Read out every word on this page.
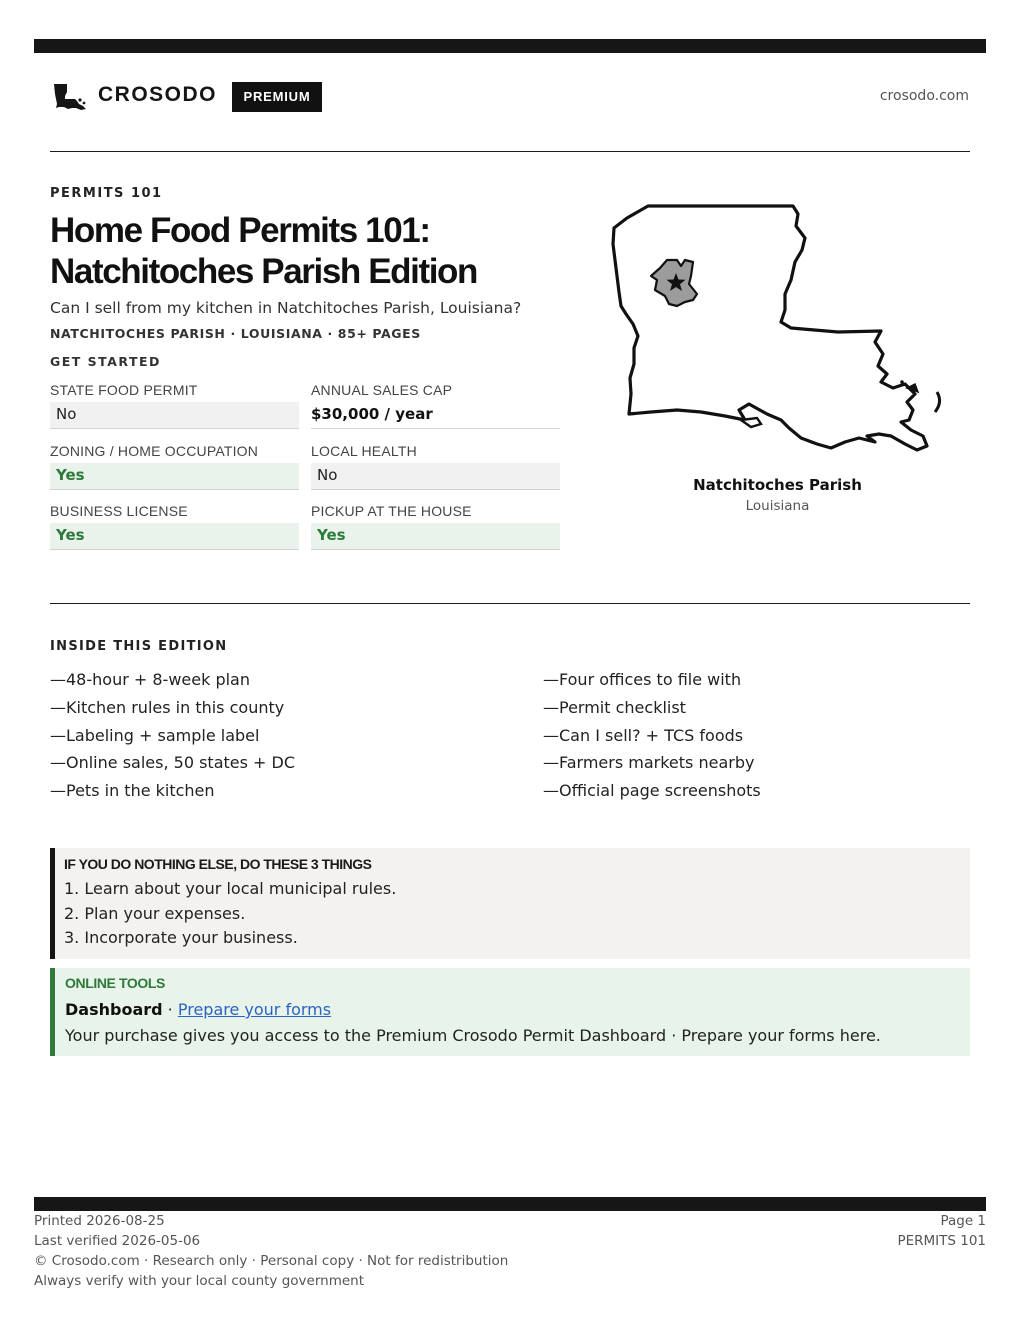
CROSODO	PREMIUM	crosodo.com
PERMITS 101
Home Food Permits 101:
Natchitoches Parish Edition
Can I sell from my kitchen in Natchitoches Parish, Louisiana?
NATCHITOCHES PARISH · LOUISIANA · 85+ PAGES
GET STARTED
STATE FOOD PERMIT
No
ANNUAL SALES CAP
$30,000 / year
ZONING / HOME OCCUPATION
Yes
LOCAL HEALTH
No
BUSINESS LICENSE
Yes
PICKUP AT THE HOUSE
Yes
Natchitoches Parish
Louisiana
INSIDE THIS EDITION
—48-hour + 8-week plan
—Kitchen rules in this county
—Labeling + sample label
—Online sales, 50 states + DC
—Pets in the kitchen
—Four offices to file with
—Permit checklist
—Can I sell? + TCS foods
—Farmers markets nearby
—Official page screenshots
IF YOU DO NOTHING ELSE, DO THESE 3 THINGS
1. Learn about your local municipal rules.
2. Plan your expenses.
3. Incorporate your business.
ONLINE TOOLS
Dashboard · Prepare your forms
Your purchase gives you access to the Premium Crosodo Permit Dashboard · Prepare your forms here.
Printed 2026-08-25
Last verified 2026-05-06
© Crosodo.com · Research only · Personal copy · Not for redistribution
Always verify with your local county government
Page 1
PERMITS 101
